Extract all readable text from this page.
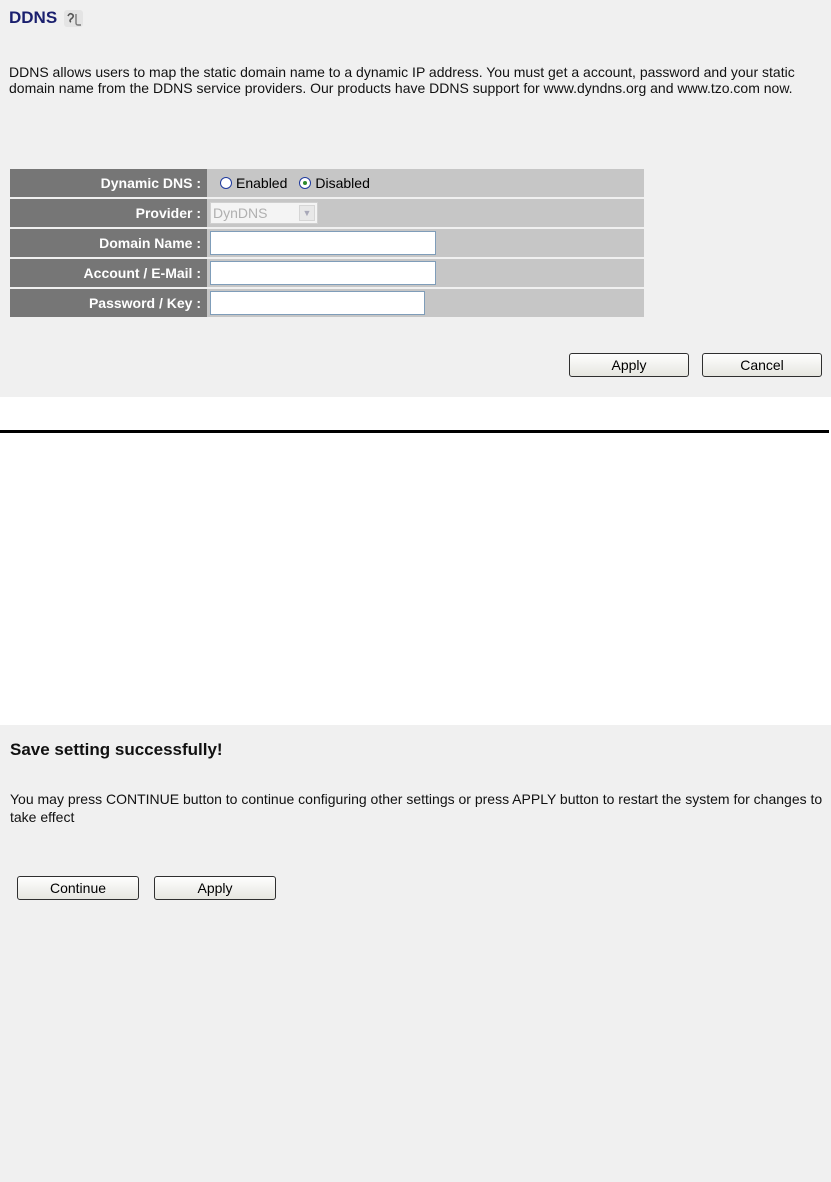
DDNS

DDNS allows users to map the static domain name to a dynamic IP address. You must get a account, password and your static domain name from the DDNS service providers. Our products have DDNS support for www.dyndns.org and www.tzo.com now.

Dynamic DNS :	Enabled Disabled

Provider :	DynDNS ▼

Domain Name :	

Account / E-Mail :	

Password / Key :	
Apply	Cancel
Save setting successfully!

You may press CONTINUE button to continue configuring other settings or press APPLY button to restart the system for changes to take effect

Continue	Apply
